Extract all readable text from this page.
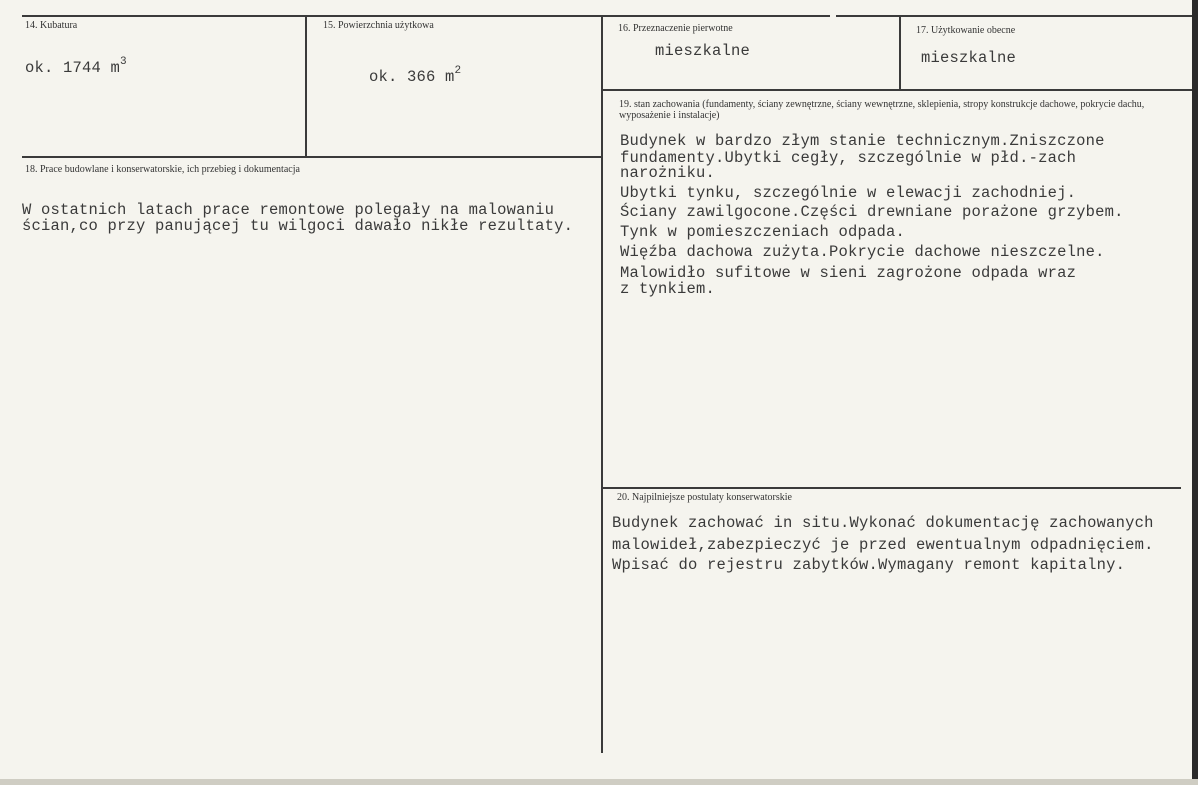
14. Kubatura
ok. 1744 $m^3$
15. Powierzchnia użytkowa
ok. 366 $m^2$
16. Przeznaczenie pierwotne
mieszkalne
17. Użytkowanie obecne
mieszkalne
18. Prace budowlane i konserwatorskie, ich przebieg i dokumentacja
W ostatnich latach prace remontowe polegały na malowaniu
ścian,co przy panującej tu wilgoci dawało nikłe rezultaty.
19. stan zachowania (fundamenty, ściany zewnętrzne, ściany wewnętrzne, sklepienia, stropy konstrukcje dachowe, pokrycie dachu, wyposażenie i instalacje)
Budynek w bardzo złym stanie technicznym.Zniszczone
fundamenty.Ubytki cegły, szczególnie w płd.-zach
narożniku.
Ubytki tynku, szczególnie w elewacji zachodniej.
Ściany zawilgocone.Części drewniane porażone grzybem.
Tynk w pomieszczeniach odpada.
Więźba dachowa zużyta.Pokrycie dachowe nieszczelne.
Malowidło sufitowe w sieni zagrożone odpada wraz
z tynkiem.
20. Najpilniejsze postulaty konserwatorskie
Budynek zachować in situ.Wykonać dokumentację zachowanych
malowideł,zabezpieczyć je przed ewentualnym odpadnięciem.
Wpisać do rejestru zabytków.Wymagany remont kapitalny.
